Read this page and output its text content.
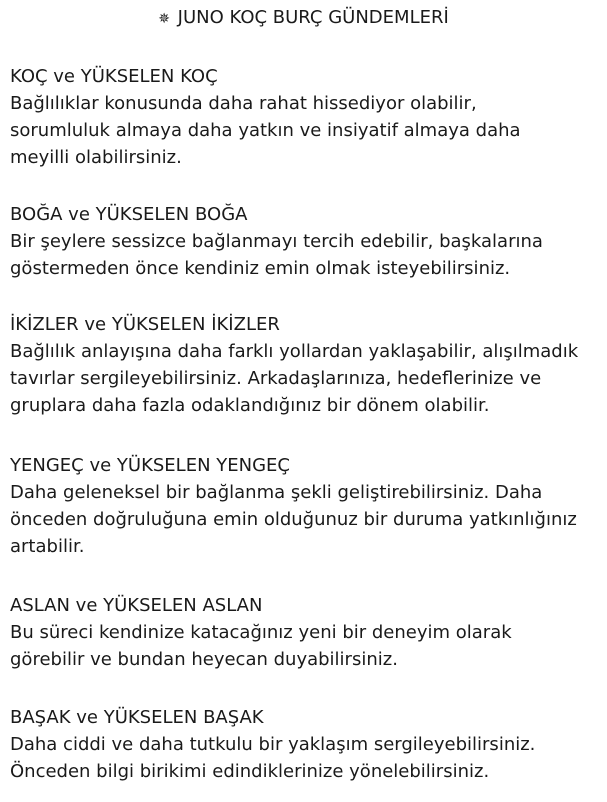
✵ JUNO KOÇ BURÇ GÜNDEMLERİ
KOÇ ve YÜKSELEN KOÇ
Bağlılıklar konusunda daha rahat hissediyor olabilir,
sorumluluk almaya daha yatkın ve insiyatif almaya daha
meyilli olabilirsiniz.
BOĞA ve YÜKSELEN BOĞA
Bir şeylere sessizce bağlanmayı tercih edebilir, başkalarına
göstermeden önce kendiniz emin olmak isteyebilirsiniz.
İKİZLER ve YÜKSELEN İKİZLER
Bağlılık anlayışına daha farklı yollardan yaklaşabilir, alışılmadık
tavırlar sergileyebilirsiniz. Arkadaşlarınıza, hedeflerinize ve
gruplara daha fazla odaklandığınız bir dönem olabilir.
YENGEÇ ve YÜKSELEN YENGEÇ
Daha geleneksel bir bağlanma şekli geliştirebilirsiniz. Daha
önceden doğruluğuna emin olduğunuz bir duruma yatkınlığınız
artabilir.
ASLAN ve YÜKSELEN ASLAN
Bu süreci kendinize katacağınız yeni bir deneyim olarak
görebilir ve bundan heyecan duyabilirsiniz.
BAŞAK ve YÜKSELEN BAŞAK
Daha ciddi ve daha tutkulu bir yaklaşım sergileyebilirsiniz.
Önceden bilgi birikimi edindiklerinize yönelebilirsiniz.
